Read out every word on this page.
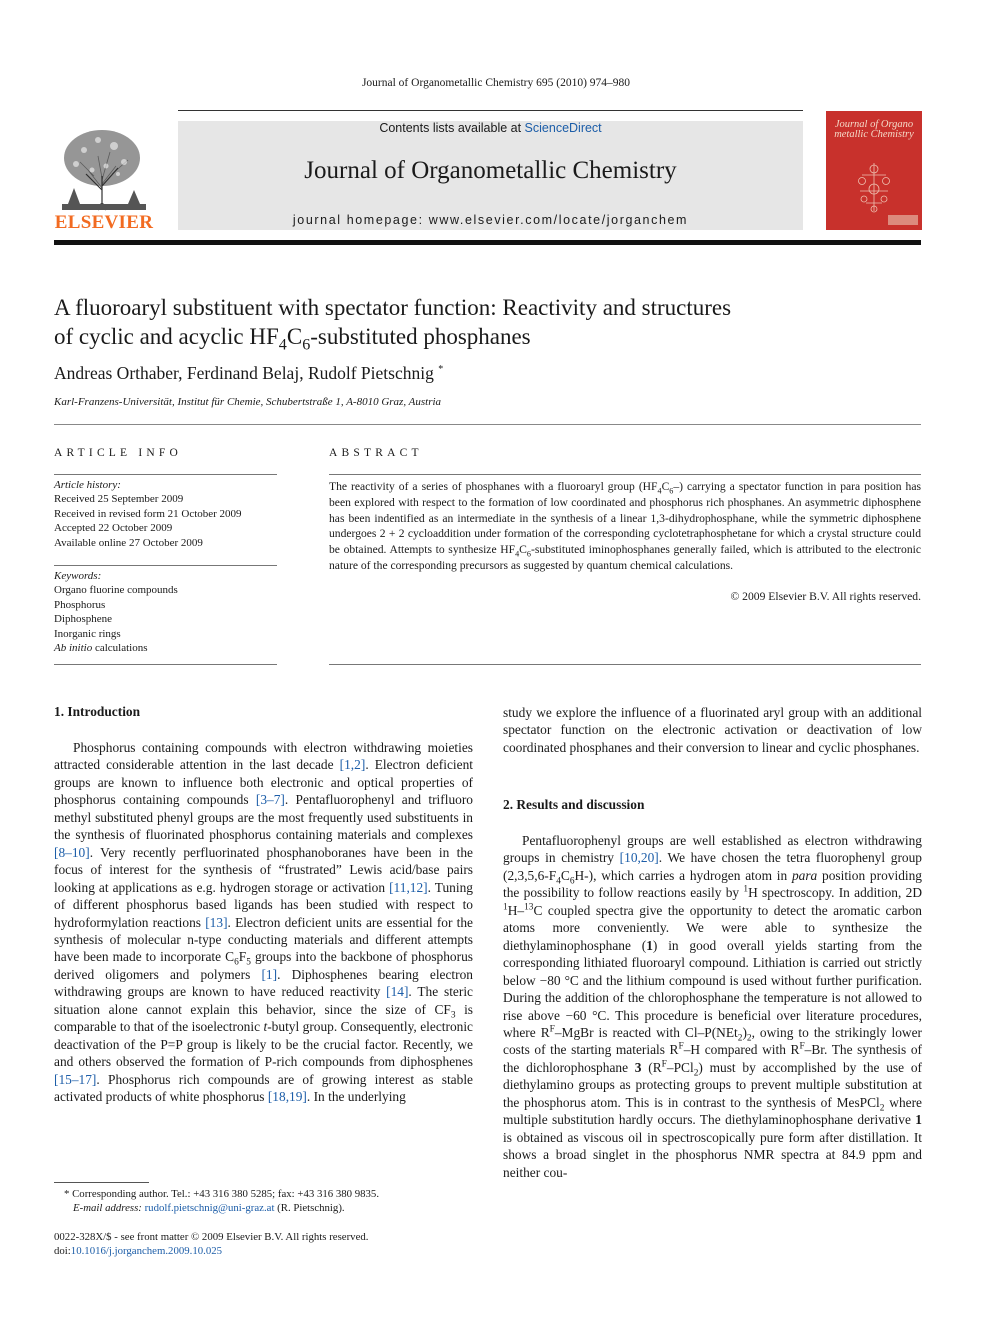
Journal of Organometallic Chemistry 695 (2010) 974–980
Contents lists available at ScienceDirect
Journal of Organometallic Chemistry
journal homepage: www.elsevier.com/locate/jorganchem
ELSEVIER
Journal of Organo metallic Chemistry
A fluoroaryl substituent with spectator function: Reactivity and structures
of cyclic and acyclic $HF_4C_6$-substituted phosphanes
Andreas Orthaber, Ferdinand Belaj, Rudolf Pietschnig *
Karl-Franzens-Universität, Institut für Chemie, Schubertstraße 1, A-8010 Graz, Austria
ARTICLE INFO	ABSTRACT
Article history:
Received 25 September 2009
Received in revised form 21 October 2009
Accepted 22 October 2009
Available online 27 October 2009
Keywords:
Organo fluorine compounds
Phosphorus
Diphosphene
Inorganic rings
Ab initio calculations
The reactivity of a series of phosphanes with a fluoroaryl group $(HF_4C_6-)$ carrying a spectator function in para position has been explored with respect to the formation of low coordinated and phosphorus rich phosphanes. An asymmetric diphosphene has been indentified as an intermediate in the synthesis of a linear 1,3-dihydrophosphane, while the symmetric diphosphene undergoes 2 + 2 cycloaddition under formation of the corresponding cyclotetraphosphetane for which a crystal structure could be obtained. Attempts to synthesize $HF_4C_6$-substituted iminophosphanes generally failed, which is attributed to the electronic nature of the corresponding precursors as suggested by quantum chemical calculations.
© 2009 Elsevier B.V. All rights reserved.
1. Introduction
Phosphorus containing compounds with electron withdrawing moieties attracted considerable attention in the last decade [1,2]. Electron deficient groups are known to influence both electronic and optical properties of phosphorus containing compounds [3–7]. Pentafluorophenyl and trifluoro methyl substituted phenyl groups are the most frequently used substituents in the synthesis of fluorinated phosphorus containing materials and complexes [8–10]. Very recently perfluorinated phosphanoboranes have been in the focus of interest for the synthesis of “frustrated” Lewis acid/base pairs looking at applications as e.g. hydrogen storage or activation [11,12]. Tuning of different phosphorus based ligands has been studied with respect to hydroformylation reactions [13]. Electron deficient units are essential for the synthesis of molecular n-type conducting materials and different attempts have been made to incorporate $C_6F_5$ groups into the backbone of phosphorus derived oligomers and polymers [1]. Diphosphenes bearing electron withdrawing groups are known to have reduced reactivity [14]. The steric situation alone cannot explain this behavior, since the size of $CF_3$ is comparable to that of the isoelectronic t-butyl group. Consequently, electronic deactivation of the P=P group is likely to be the crucial factor. Recently, we and others observed the formation of P-rich compounds from diphosphenes [15–17]. Phosphorus rich compounds are of growing interest as stable activated products of white phosphorus [18,19]. In the underlying
study we explore the influence of a fluorinated aryl group with an additional spectator function on the electronic activation or deactivation of low coordinated phosphanes and their conversion to linear and cyclic phosphanes.
2. Results and discussion
Pentafluorophenyl groups are well established as electron withdrawing groups in chemistry [10,20]. We have chosen the tetra fluorophenyl group $(2,3,5,6-F_4C_6H-)$, which carries a hydrogen atom in para position providing the possibility to follow reactions easily by $^1$H spectroscopy. In addition, 2D $^1$H–$^{13}$C coupled spectra give the opportunity to detect the aromatic carbon atoms more conveniently. We were able to synthesize the diethylaminophosphane (1) in good overall yields starting from the corresponding lithiated fluoroaryl compound. Lithiation is carried out strictly below −80 °C and the lithium compound is used without further purification. During the addition of the chlorophosphane the temperature is not allowed to rise above −60 °C. This procedure is beneficial over literature procedures, where $R^F$–MgBr is reacted with $Cl-P(NEt_2)_2$, owing to the strikingly lower costs of the starting materials $R^F-H$ compared with $R^F-Br$. The synthesis of the dichlorophosphane 3 $(R^F-PCl_2)$ must by accomplished by the use of diethylamino groups as protecting groups to prevent multiple substitution at the phosphorus atom. This is in contrast to the synthesis of MesPCl$_2$ where multiple substitution hardly occurs. The diethylaminophosphane derivative 1 is obtained as viscous oil in spectroscopically pure form after distillation. It shows a broad singlet in the phosphorus NMR spectra at 84.9 ppm and neither cou-
* Corresponding author. Tel.: +43 316 380 5285; fax: +43 316 380 9835.
E-mail address: rudolf.pietschnig@uni-graz.at (R. Pietschnig).
0022-328X/$ - see front matter © 2009 Elsevier B.V. All rights reserved.
doi:10.1016/j.jorganchem.2009.10.025
